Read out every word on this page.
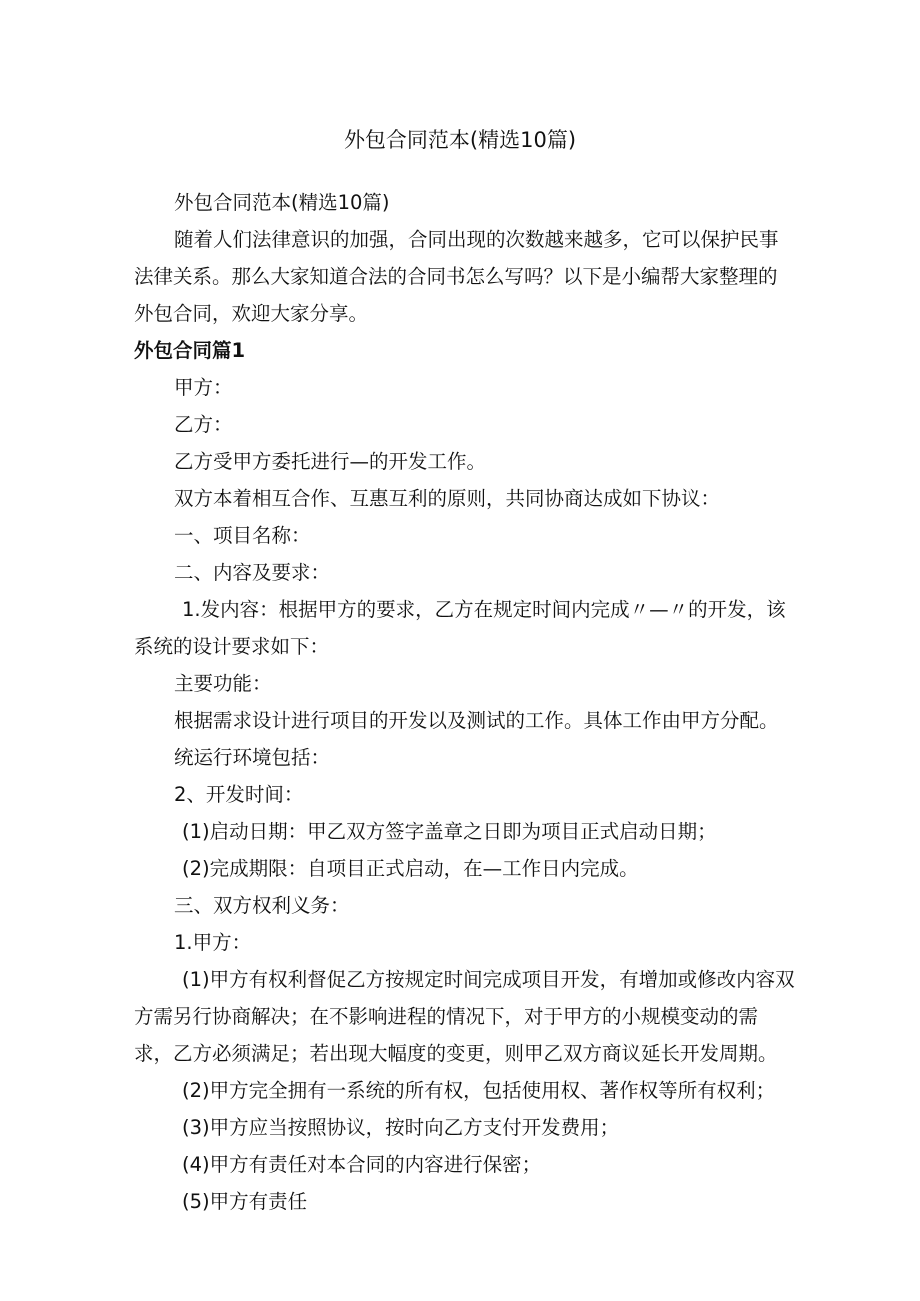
外包合同范本(精选10篇)

外包合同范本(精选10篇)

随着人们法律意识的加强，合同出现的次数越来越多，它可以保护民事法律关系。那么大家知道合法的合同书怎么写吗？以下是小编帮大家整理的外包合同，欢迎大家分享。

外包合同篇1

甲方：

乙方：

乙方受甲方委托进行—的开发工作。

双方本着相互合作、互惠互利的原则，共同协商达成如下协议：

一、项目名称：

二、内容及要求：

1.发内容：根据甲方的要求，乙方在规定时间内完成〃—〃的开发，该系统的设计要求如下：

主要功能：

根据需求设计进行项目的开发以及测试的工作。具体工作由甲方分配。

统运行环境包括：

2、开发时间：

(1)启动日期：甲乙双方签字盖章之日即为项目正式启动日期；

(2)完成期限：自项目正式启动，在—工作日内完成。

三、双方权利义务：

1.甲方：

(1)甲方有权利督促乙方按规定时间完成项目开发，有增加或修改内容双方需另行协商解决；在不影响进程的情况下，对于甲方的小规模变动的需求，乙方必须满足；若出现大幅度的变更，则甲乙双方商议延长开发周期。

(2)甲方完全拥有一系统的所有权，包括使用权、著作权等所有权利；

(3)甲方应当按照协议，按时向乙方支付开发费用；

(4)甲方有责任对本合同的内容进行保密；

(5)甲方有责任
